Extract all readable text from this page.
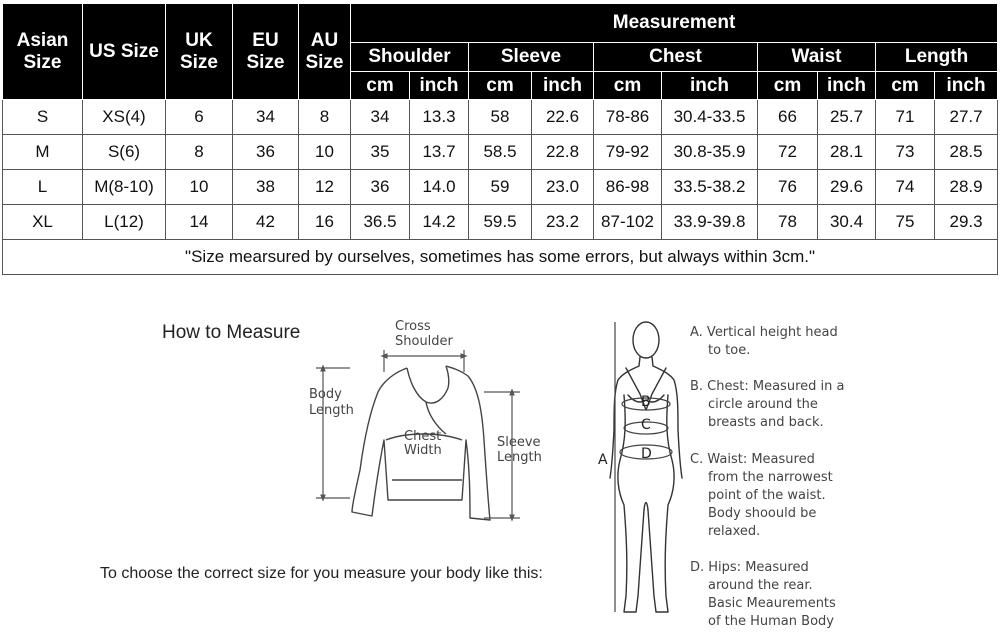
Asian Size	US Size	UK Size	EU Size	AU Size	Measurement									
					Shoulder		Sleeve		Chest		Waist		Length	
					cm	inch	cm	inch	cm	inch	cm	inch	cm	inch
S	XS(4)	6	34	8	34	13.3	58	22.6	78-86	30.4-33.5	66	25.7	71	27.7
M	S(6)	8	36	10	35	13.7	58.5	22.8	79-92	30.8-35.9	72	28.1	73	28.5
L	M(8-10)	10	38	12	36	14.0	59	23.0	86-98	33.5-38.2	76	29.6	74	28.9
XL	L(12)	14	42	16	36.5	14.2	59.5	23.2	87-102	33.9-39.8	78	30.4	75	29.3
"Size mearsured by ourselves, sometimes has some errors, but always within 3cm."														
How to Measure	Cross
Shoulder
Body
Length
Chest
Width
Sleeve
Length	A
B
C
D
A. Vertical height head
to toe.
B. Chest: Measured in a
circle around the
breasts and back.
C. Waist: Measured
from the narrowest
point of the waist.
Body shoould be
relaxed.
D. Hips: Measured
around the rear.
Basic Meaurements
of the Human Body
To choose the correct size for you measure your body like this:
